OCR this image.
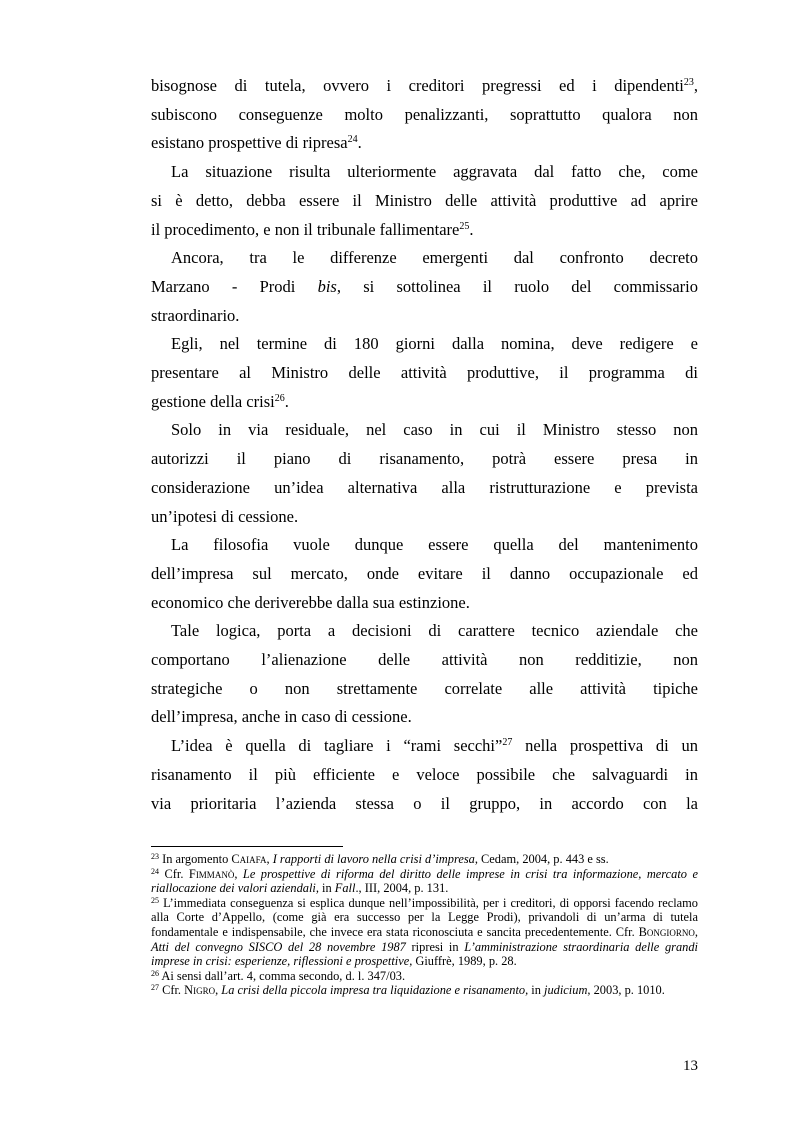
bisognose di tutela, ovvero i creditori pregressi ed i dipendenti$^{23}$,
subiscono conseguenze molto penalizzanti, soprattutto qualora non
esistano prospettive di ripresa$^{24}$.

La situazione risulta ulteriormente aggravata dal fatto che, come
si è detto, debba essere il Ministro delle attività produttive ad aprire
il procedimento, e non il tribunale fallimentare$^{25}$.

Ancora, tra le differenze emergenti dal confronto decreto
Marzano - Prodi bis, si sottolinea il ruolo del commissario
straordinario.

Egli, nel termine di 180 giorni dalla nomina, deve redigere e
presentare al Ministro delle attività produttive, il programma di
gestione della crisi$^{26}$.

Solo in via residuale, nel caso in cui il Ministro stesso non
autorizzi il piano di risanamento, potrà essere presa in
considerazione un’idea alternativa alla ristrutturazione e prevista
un’ipotesi di cessione.

La filosofia vuole dunque essere quella del mantenimento
dell’impresa sul mercato, onde evitare il danno occupazionale ed
economico che deriverebbe dalla sua estinzione.

Tale logica, porta a decisioni di carattere tecnico aziendale che
comportano l’alienazione delle attività non redditizie, non
strategiche o non strettamente correlate alle attività tipiche
dell’impresa, anche in caso di cessione.

L’idea è quella di tagliare i “rami secchi”$^{27}$ nella prospettiva di un
risanamento il più efficiente e veloce possibile che salvaguardi in
via prioritaria l’azienda stessa o il gruppo, in accordo con la

$^{23}$ In argomento Caiafa, I rapporti di lavoro nella crisi d’impresa, Cedam, 2004, p. 443 e ss.

$^{24}$ Cfr. Fimmanò, Le prospettive di riforma del diritto delle imprese in crisi tra informazione, mercato e riallocazione dei valori aziendali, in Fall., III, 2004, p. 131.

$^{25}$ L’immediata conseguenza si esplica dunque nell’impossibilità, per i creditori, di opporsi facendo reclamo alla Corte d’Appello, (come già era successo per la Legge Prodi), privandoli di un’arma di tutela fondamentale e indispensabile, che invece era stata riconosciuta e sancita precedentemente. Cfr. Bongiorno, Atti del convegno SISCO del 28 novembre 1987 ripresi in L’amministrazione straordinaria delle grandi imprese in crisi: esperienze, riflessioni e prospettive, Giuffrè, 1989, p. 28.

$^{26}$ Ai sensi dall’art. 4, comma secondo, d. l. 347/03.

$^{27}$ Cfr. Nigro, La crisi della piccola impresa tra liquidazione e risanamento, in judicium, 2003, p. 1010.

13
